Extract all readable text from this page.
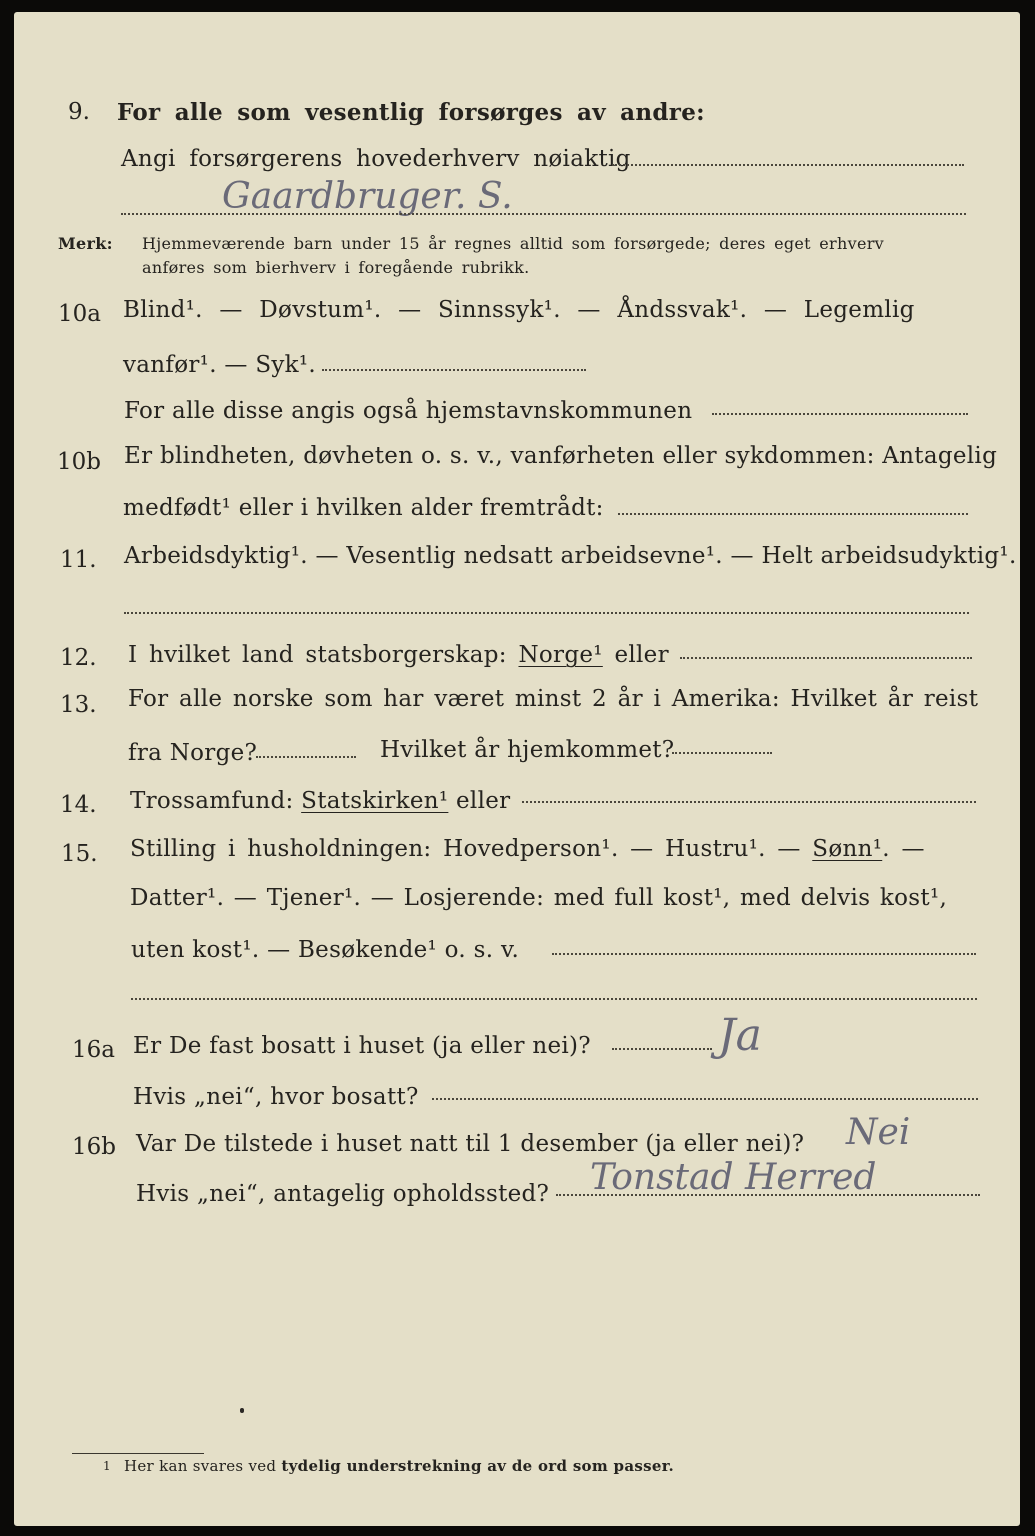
9. For alle som vesentlig forsørges av andre:
Angi forsørgerens hovederhverv nøiaktig
Gaardbruger. S.
Merk: Hjemmeværende barn under 15 år regnes alltid som forsørgede; deres eget erhverv
anføres som bierhverv i foregående rubrikk.
10a Blind¹. — Døvstum¹. — Sinnssyk¹. — Åndssvak¹. — Legemlig
vanfør¹. — Syk¹.
For alle disse angis også hjemstavnskommunen
10b Er blindheten, døvheten o. s. v., vanførheten eller sykdommen: Antagelig
medfødt¹ eller i hvilken alder fremtrådt:
11. Arbeidsdyktig¹. — Vesentlig nedsatt arbeidsevne¹. — Helt arbeidsudyktig¹.
12. I hvilket land statsborgerskap: Norge¹ eller
13. For alle norske som har været minst 2 år i Amerika: Hvilket år reist
fra Norge?	Hvilket år hjemkommet?
14. Trossamfund: Statskirken¹ eller
15. Stilling i husholdningen: Hovedperson¹. — Hustru¹. — Sønn¹. —
Datter¹. — Tjener¹. — Losjerende: med full kost¹, med delvis kost¹,
uten kost¹. — Besøkende¹ o. s. v.
16a Er De fast bosatt i huset (ja eller nei)?	Ja
Hvis „nei“, hvor bosatt?
16b Var De tilstede i huset natt til 1 desember (ja eller nei)? Nei
Hvis „nei“, antagelig opholdssted? Tonstad Herred
1 Her kan svares ved tydelig understrekning av de ord som passer.
